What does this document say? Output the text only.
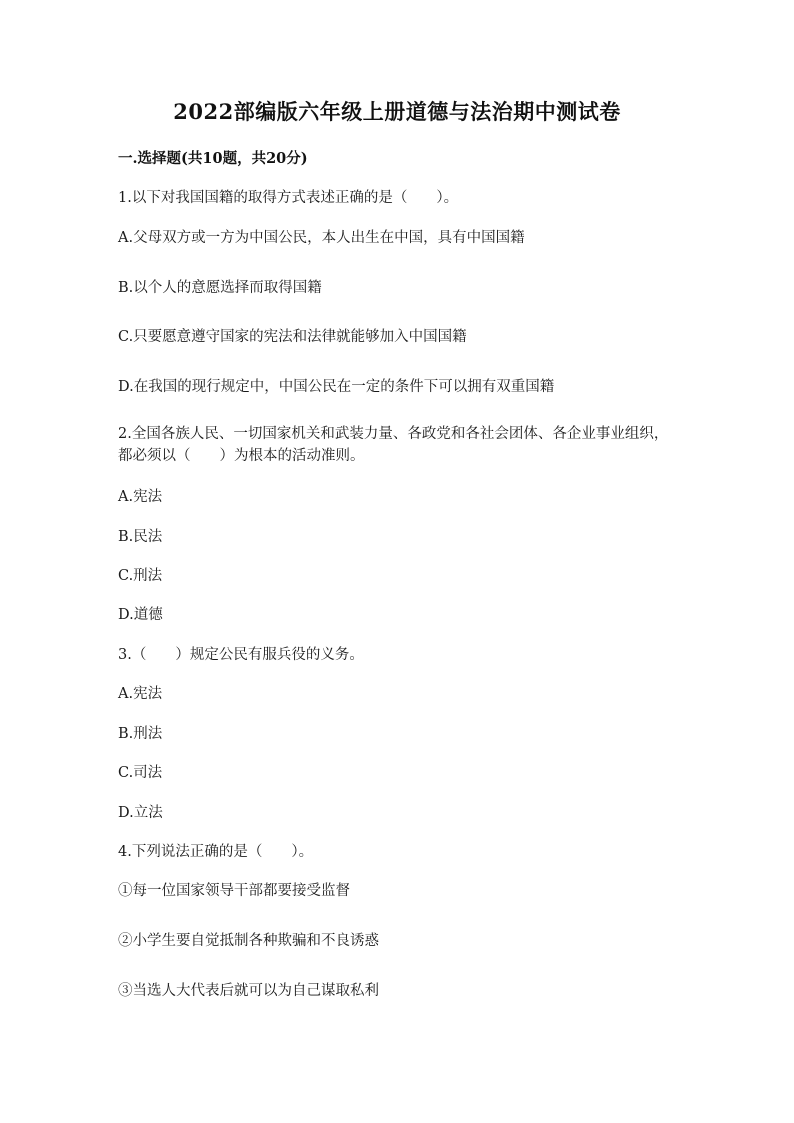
2022部编版六年级上册道德与法治期中测试卷
一.选择题(共10题，共20分)
1.以下对我国国籍的取得方式表述正确的是（　　）。
A.父母双方或一方为中国公民，本人出生在中国，具有中国国籍
B.以个人的意愿选择而取得国籍
C.只要愿意遵守国家的宪法和法律就能够加入中国国籍
D.在我国的现行规定中，中国公民在一定的条件下可以拥有双重国籍
2.全国各族人民、一切国家机关和武装力量、各政党和各社会团体、各企业事业组织，都必须以（　　）为根本的活动准则。
A.宪法
B.民法
C.刑法
D.道德
3.（　　）规定公民有服兵役的义务。
A.宪法
B.刑法
C.司法
D.立法
4.下列说法正确的是（　　）。
①每一位国家领导干部都要接受监督
②小学生要自觉抵制各种欺骗和不良诱惑
③当选人大代表后就可以为自己谋取私利
